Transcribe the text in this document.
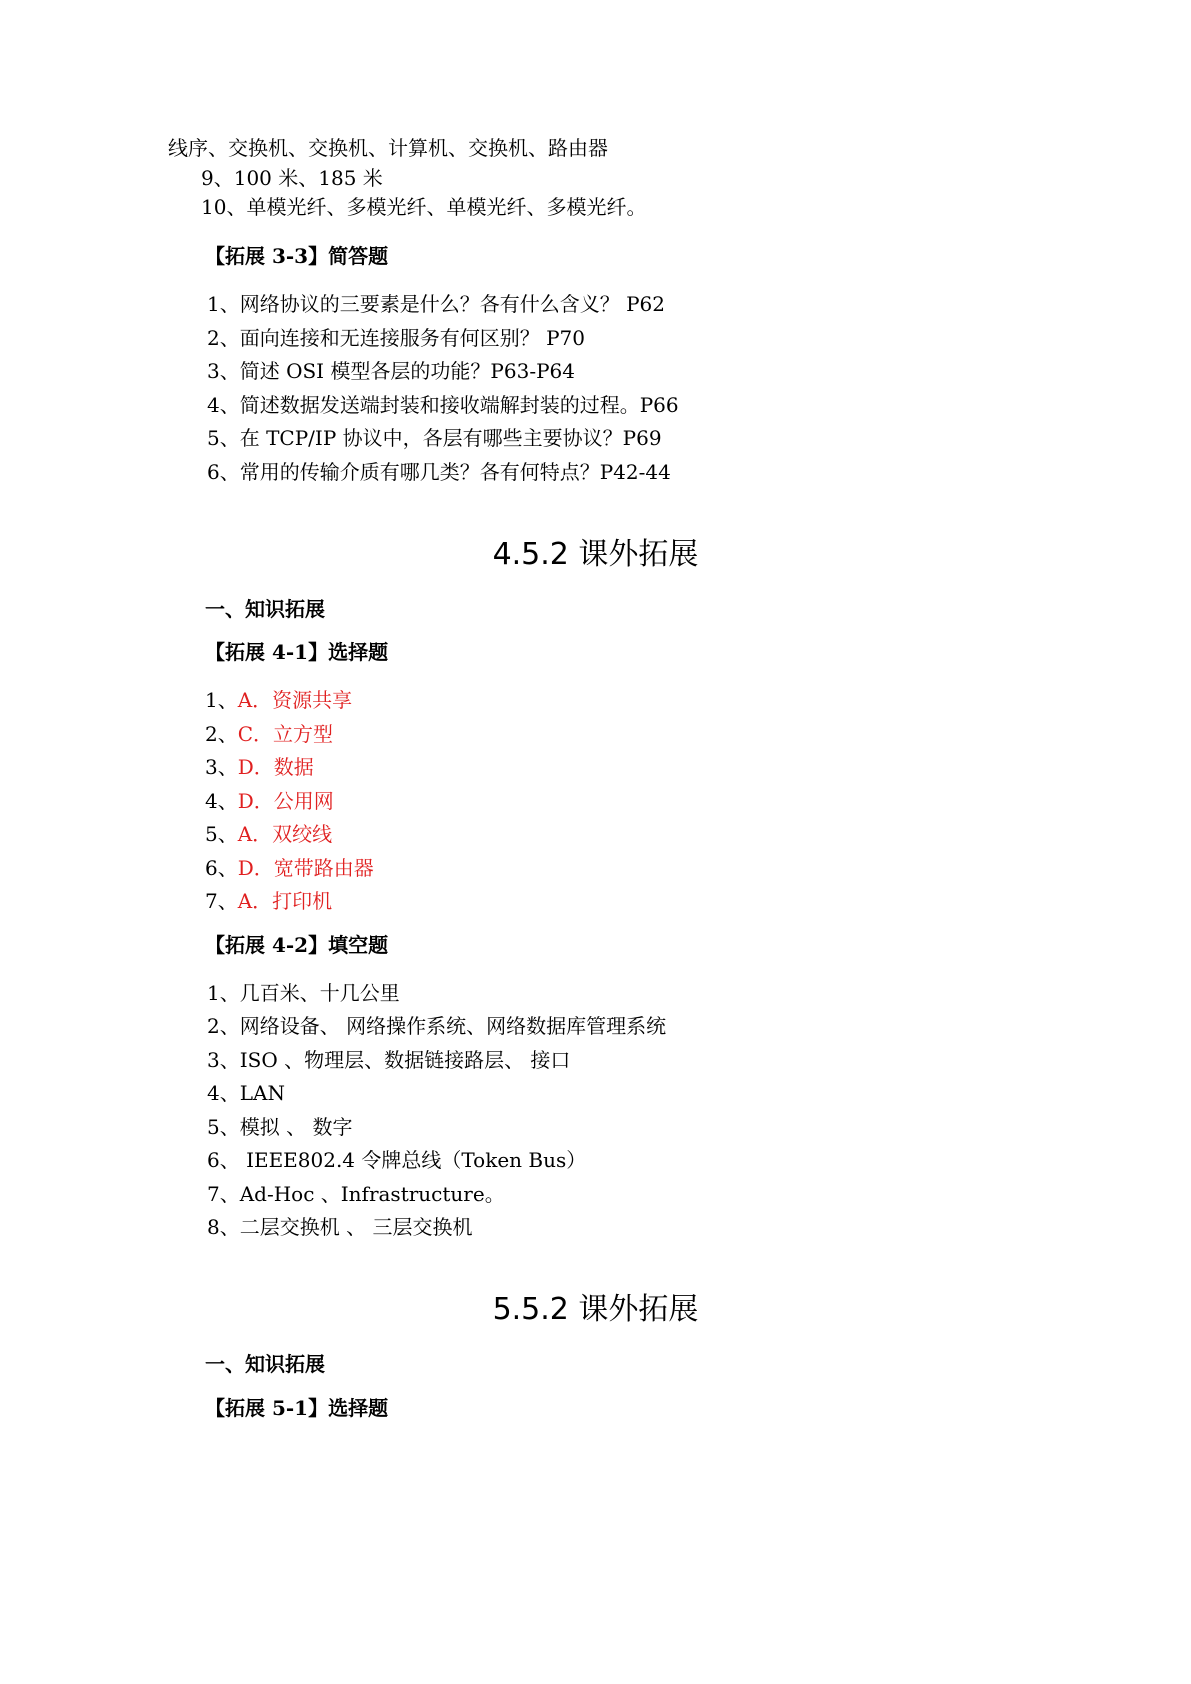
线序、交换机、交换机、计算机、交换机、路由器
9、100 米、185 米
10、单模光纤、多模光纤、单模光纤、多模光纤。
【拓展 3-3】简答题
1、网络协议的三要素是什么？各有什么含义？ P62
2、面向连接和无连接服务有何区别？ P70
3、简述 OSI 模型各层的功能？P63-P64
4、简述数据发送端封装和接收端解封装的过程。P66
5、在 TCP/IP 协议中，各层有哪些主要协议？P69
6、常用的传输介质有哪几类？各有何特点？P42-44
4.5.2 课外拓展
一、知识拓展
【拓展 4-1】选择题
1、A．资源共享
2、C．立方型
3、D．数据
4、D．公用网
5、A．双绞线
6、D．宽带路由器
7、A．打印机
【拓展 4-2】填空题
1、几百米、十几公里
2、网络设备、 网络操作系统、网络数据库管理系统
3、ISO 、物理层、数据链接路层、 接口
4、LAN
5、模拟 、 数字
6、 IEEE802.4 令牌总线（Token Bus）
7、Ad-Hoc 、Infrastructure。
8、二层交换机 、 三层交换机
5.5.2 课外拓展
一、知识拓展
【拓展 5-1】选择题
